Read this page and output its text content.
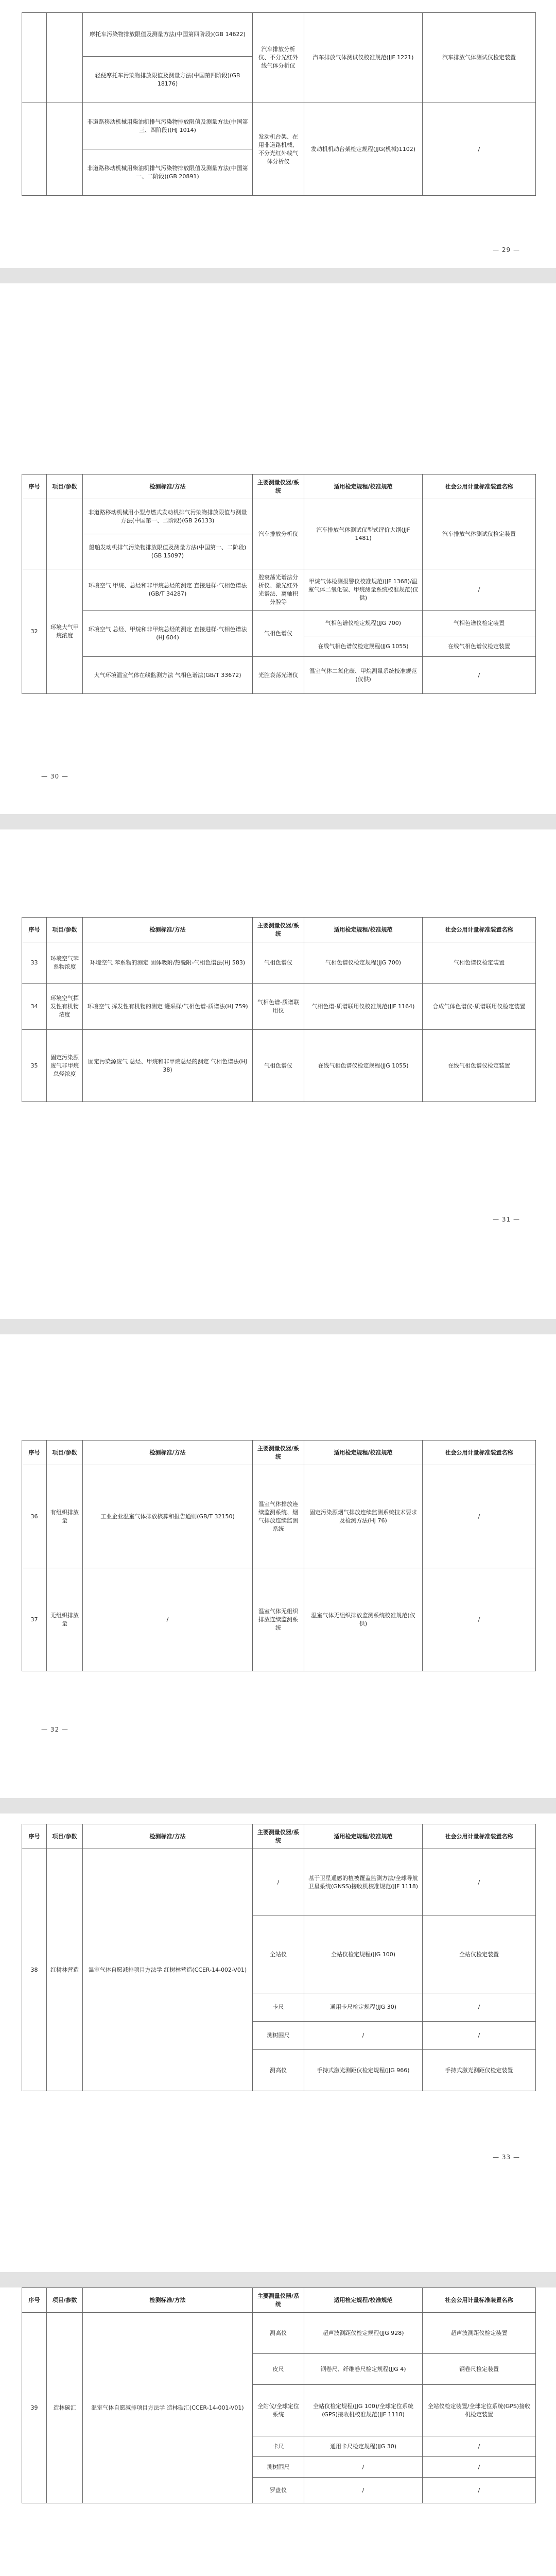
		摩托车污染物排放限值及测量方法(中国第四阶段)(GB 14622)	汽车排放分析仪、不分光红外线气体分析仪	汽车排放气体测试仪校准规范(JJF 1221)	汽车排放气体测试仪检定装置
		轻便摩托车污染物排放限值及测量方法(中国第四阶段)(GB 18176)			

		非道路移动机械用柴油机排气污染物排放限值及测量方法(中国第三、四阶段)(HJ 1014)	发动机台架、在用非道路机械、不分光红外线气体分析仪	发动机机动台架检定规程(JJG(机械)1102)	/
		非道路移动机械用柴油机排气污染物排放限值及测量方法(中国第一、二阶段)(GB 20891)			
— 29 —
序号	项目/参数	检测标准/方法	主要测量仪器/系统	适用检定规程/校准规范	社会公用计量标准装置名称
		非道路移动机械用小型点燃式发动机排气污染物排放限值与测量方法(中国第一、二阶段)(GB 26133)	汽车排放分析仪	汽车排放气体测试仪型式评价大纲(JJF 1481)	汽车排放气体测试仪检定装置
		船舶发动机排气污染物排放限值及测量方法(中国第一、二阶段)(GB 15097)			
32	环境大气甲烷浓度	环境空气 甲烷、总烃和非甲烷总烃的测定 直接进样-气相色谱法(GB/T 34287)	腔衰荡光谱法分析仪、激光红外光谱法、离轴积分腔等	甲烷气体检测报警仪校准规范(JJF 1368)/温室气体二氧化碳、甲烷测量系统校准规范(仅供)	/
		环境空气 总烃、甲烷和非甲烷总烃的测定 直接进样-气相色谱法(HJ 604)	气相色谱仪	气相色谱仪检定规程(JJG 700)	气相色谱仪检定装置
				在线气相色谱仪检定规程(JJG 1055)	在线气相色谱仪检定装置
		大气环境温室气体在线监测方法 气相色谱法(GB/T 33672)	光腔衰荡光谱仪	温室气体二氧化碳、甲烷测量系统校准规范(仅供)	/
— 30 —
序号	项目/参数	检测标准/方法	主要测量仪器/系统	适用检定规程/校准规范	社会公用计量标准装置名称
33	环境空气苯系物浓度	环境空气 苯系物的测定 固体吸附/热脱附-气相色谱法(HJ 583)	气相色谱仪	气相色谱仪检定规程(JJG 700)	气相色谱仪检定装置
34	环境空气挥发性有机物浓度	环境空气 挥发性有机物的测定 罐采样/气相色谱-质谱法(HJ 759)	气相色谱-质谱联用仪	气相色谱-质谱联用仪校准规范(JJF 1164)	合成气体色谱仪-质谱联用仪检定装置
35	固定污染源废气非甲烷总烃浓度	固定污染源废气 总烃、甲烷和非甲烷总烃的测定 气相色谱法(HJ 38)	气相色谱仪	在线气相色谱仪检定规程(JJG 1055)	在线气相色谱仪检定装置
— 31 —
序号	项目/参数	检测标准/方法	主要测量仪器/系统	适用检定规程/校准规范	社会公用计量标准装置名称
36	有组织排放量	工业企业温室气体排放核算和报告通则(GB/T 32150)	温室气体排放连续监测系统、烟气排放连续监测系统	固定污染源烟气排放连续监测系统技术要求及检测方法(HJ 76)	/
37	无组织排放量	/	温室气体无组织排放连续监测系统	温室气体无组织排放监测系统校准规范(仅供)	/
— 32 —
序号	项目/参数	检测标准/方法	主要测量仪器/系统	适用检定规程/校准规范	社会公用计量标准装置名称
38	红树林营造	温室气体自愿减排项目方法学 红树林营造(CCER-14-002-V01)	/	基于卫星遥感的植被覆盖监测方法/全球导航卫星系统(GNSS)接收机校准规范(JJF 1118)	/
			全站仪	全站仪检定规程(JJG 100)	全站仪检定装置
			卡尺	通用卡尺检定规程(JJG 30)	/
			测树围尺	/	/
			测高仪	手持式激光测距仪检定规程(JJG 966)	手持式激光测距仪检定装置
— 33 —
序号	项目/参数	检测标准/方法	主要测量仪器/系统	适用检定规程/校准规范	社会公用计量标准装置名称
39	造林碳汇	温室气体自愿减排项目方法学 造林碳汇(CCER-14-001-V01)	测高仪	超声波测距仪检定规程(JJG 928)	超声波测距仪检定装置
			皮尺	钢卷尺、纤维卷尺检定规程(JJG 4)	钢卷尺检定装置
			全站仪/全球定位系统	全站仪检定规程(JJG 100)/全球定位系统(GPS)接收机校准规范(JJF 1118)	全站仪检定装置/全球定位系统(GPS)接收机检定装置
			卡尺	通用卡尺检定规程(JJG 30)	/
			测树围尺	/	/
			罗盘仪	/	/
